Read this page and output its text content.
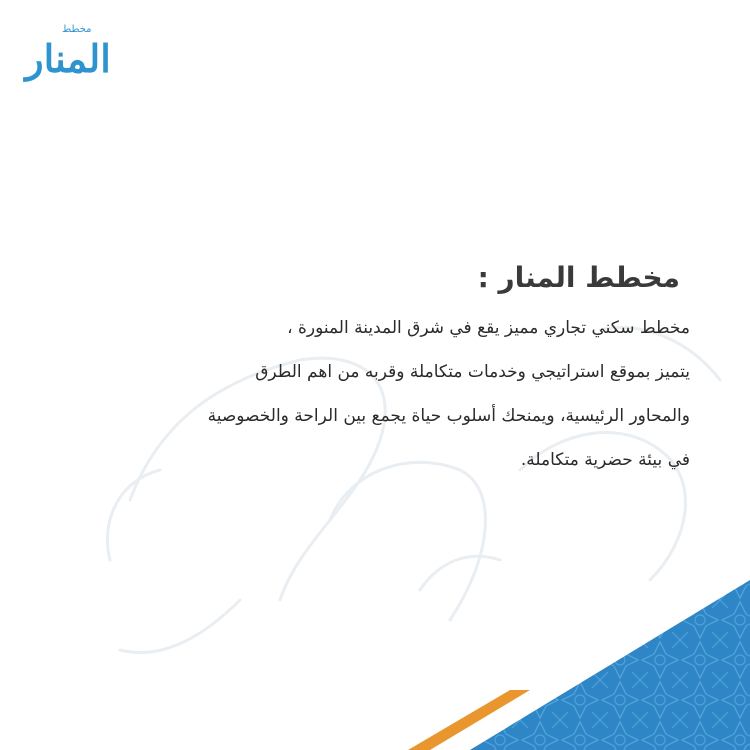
مخطط
المنار
مخطط المنار :
مخطط سكني تجاري مميز يقع في شرق المدينة المنورة ،
يتميز بموقع استراتيجي وخدمات متكاملة وقربه من اهم الطرق
والمحاور الرئيسية، ويمنحك أسلوب حياة يجمع بين الراحة والخصوصية
في بيئة حضرية متكاملة.
